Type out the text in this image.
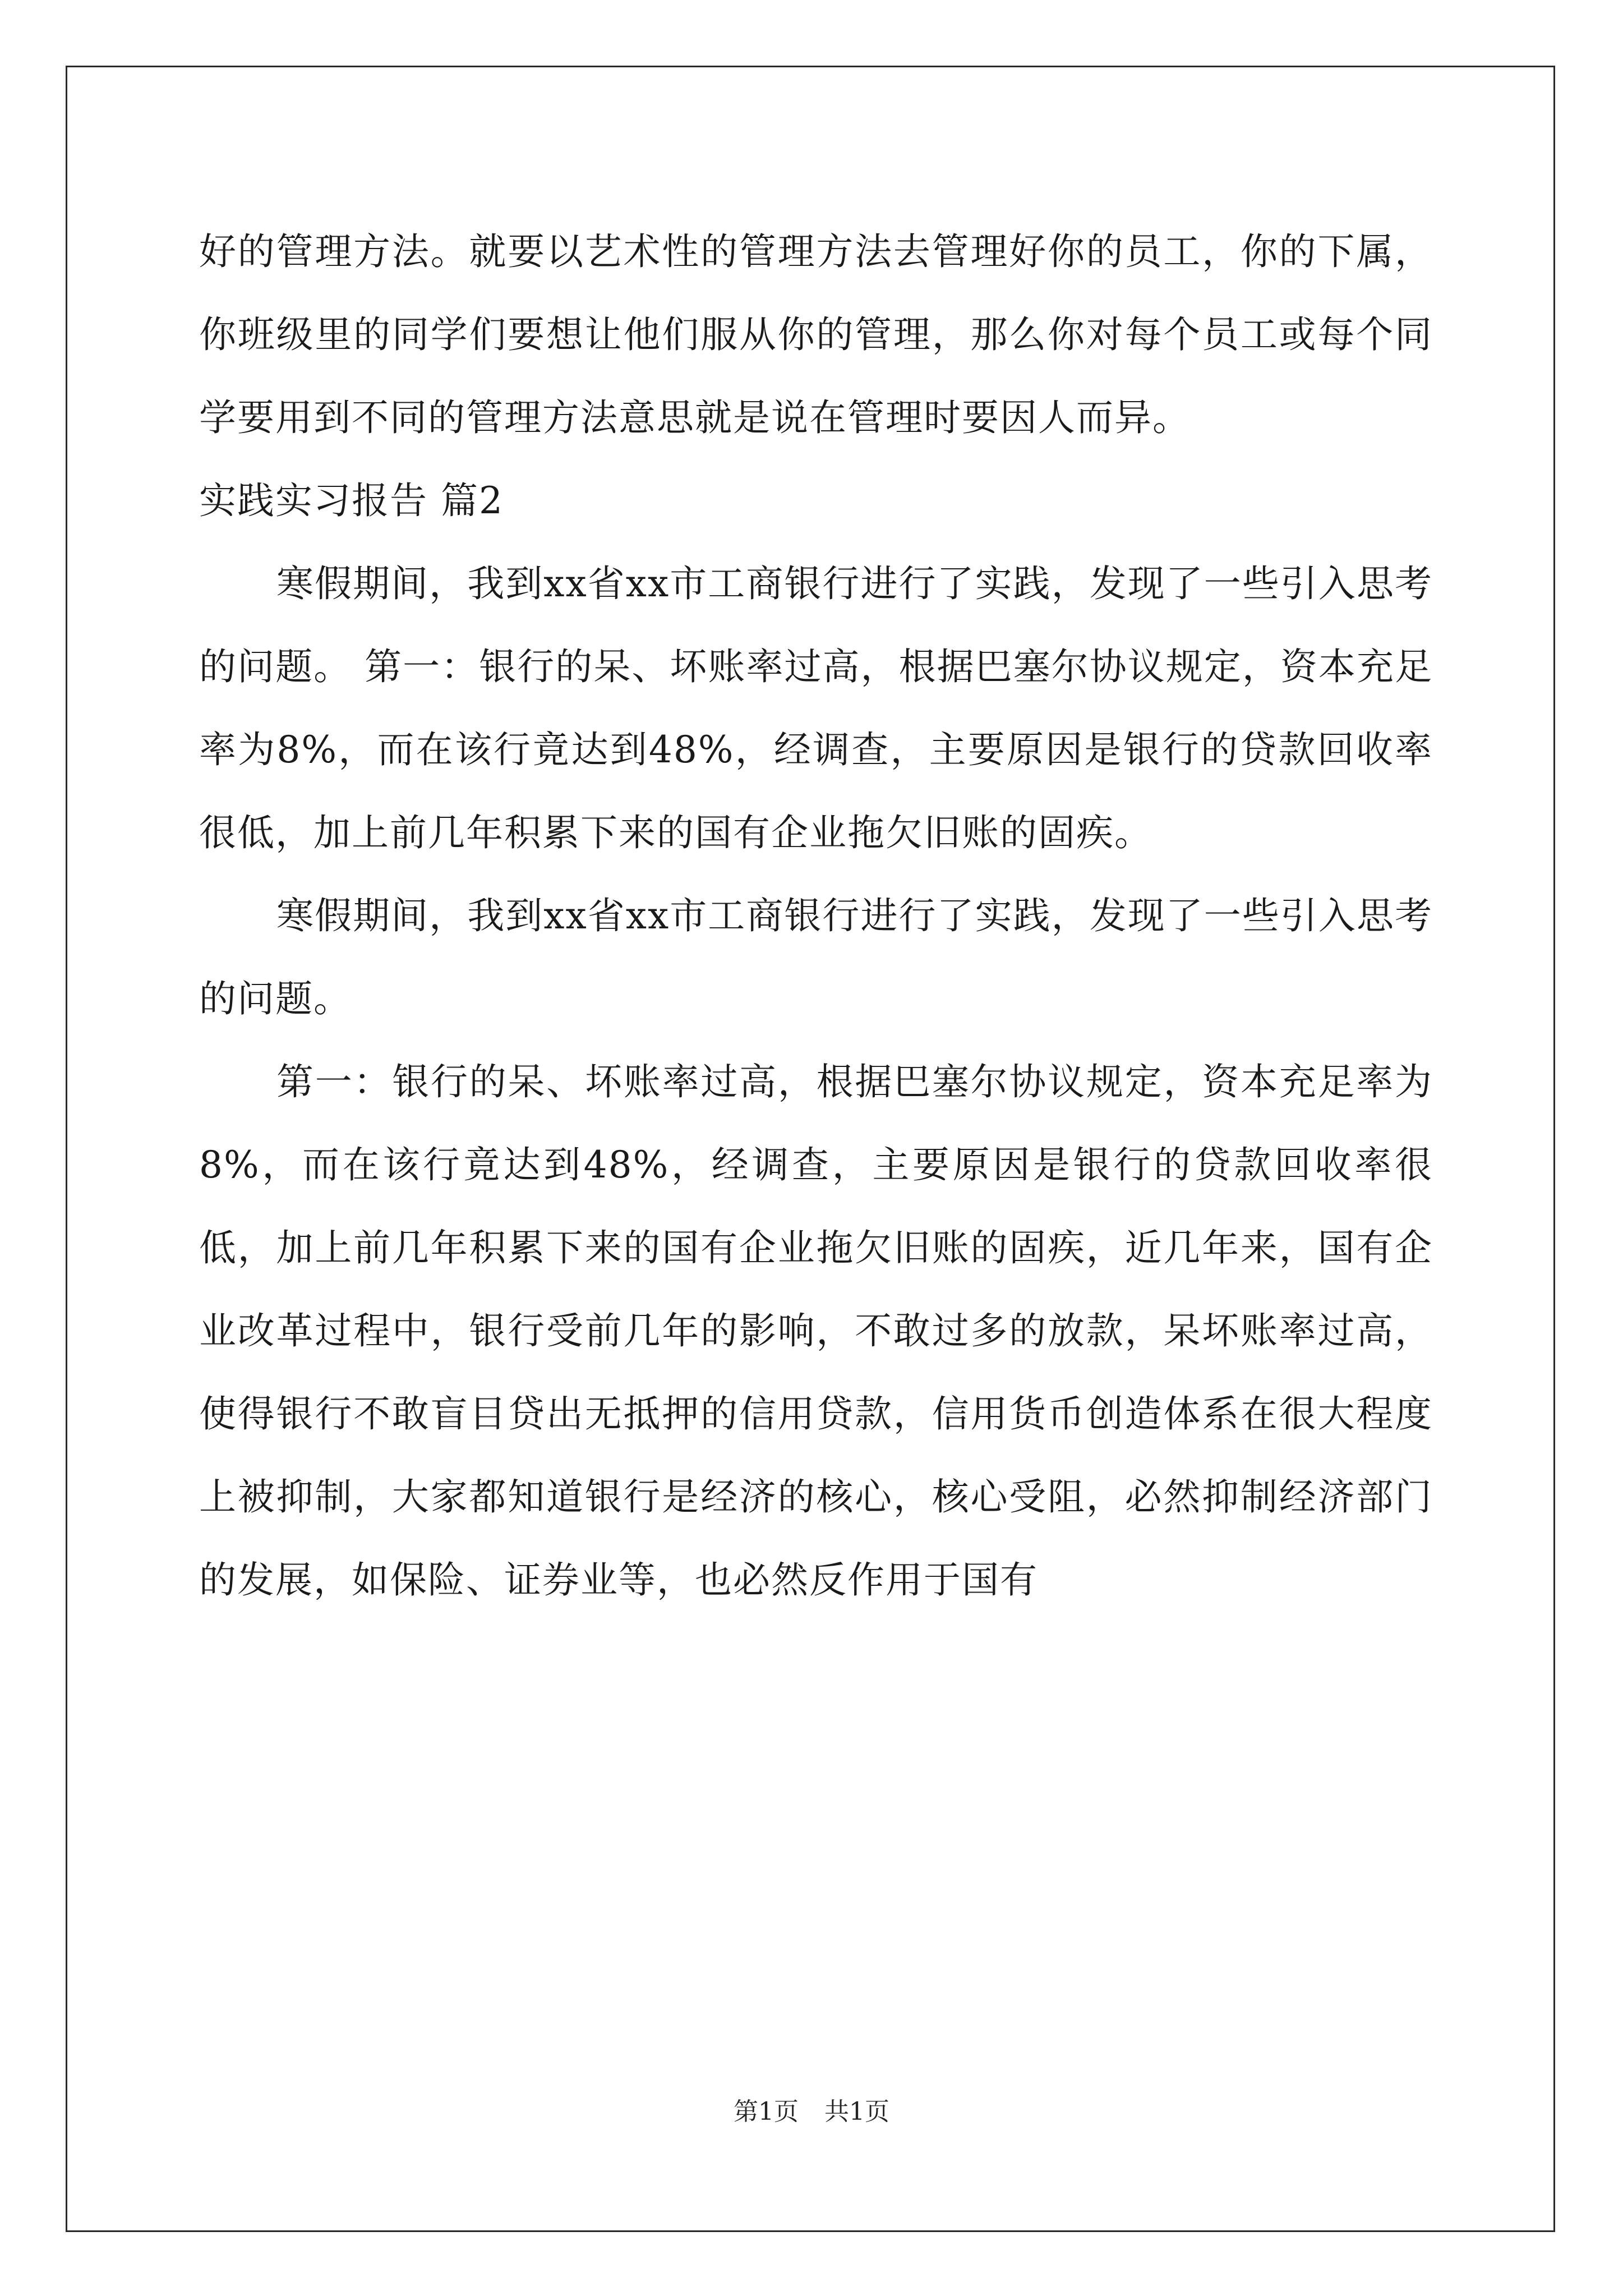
好的管理方法。就要以艺术性的管理方法去管理好你的员工，你的下属，你班级里的同学们要想让他们服从你的管理，那么你对每个员工或每个同学要用到不同的管理方法意思就是说在管理时要因人而异。

实践实习报告 篇2

寒假期间，我到xx省xx市工商银行进行了实践，发现了一些引入思考的问题。 第一：银行的呆、坏账率过高，根据巴塞尔协议规定，资本充足率为8%，而在该行竟达到48%，经调查，主要原因是银行的贷款回收率很低，加上前几年积累下来的国有企业拖欠旧账的固疾。

寒假期间，我到xx省xx市工商银行进行了实践，发现了一些引入思考的问题。

第一：银行的呆、坏账率过高，根据巴塞尔协议规定，资本充足率为8%，而在该行竟达到48%，经调查，主要原因是银行的贷款回收率很低，加上前几年积累下来的国有企业拖欠旧账的固疾，近几年来，国有企业改革过程中，银行受前几年的影响，不敢过多的放款，呆坏账率过高，使得银行不敢盲目贷出无抵押的信用贷款，信用货币创造体系在很大程度上被抑制，大家都知道银行是经济的核心，核心受阻，必然抑制经济部门的发展，如保险、证券业等，也必然反作用于国有

第1页 共1页
